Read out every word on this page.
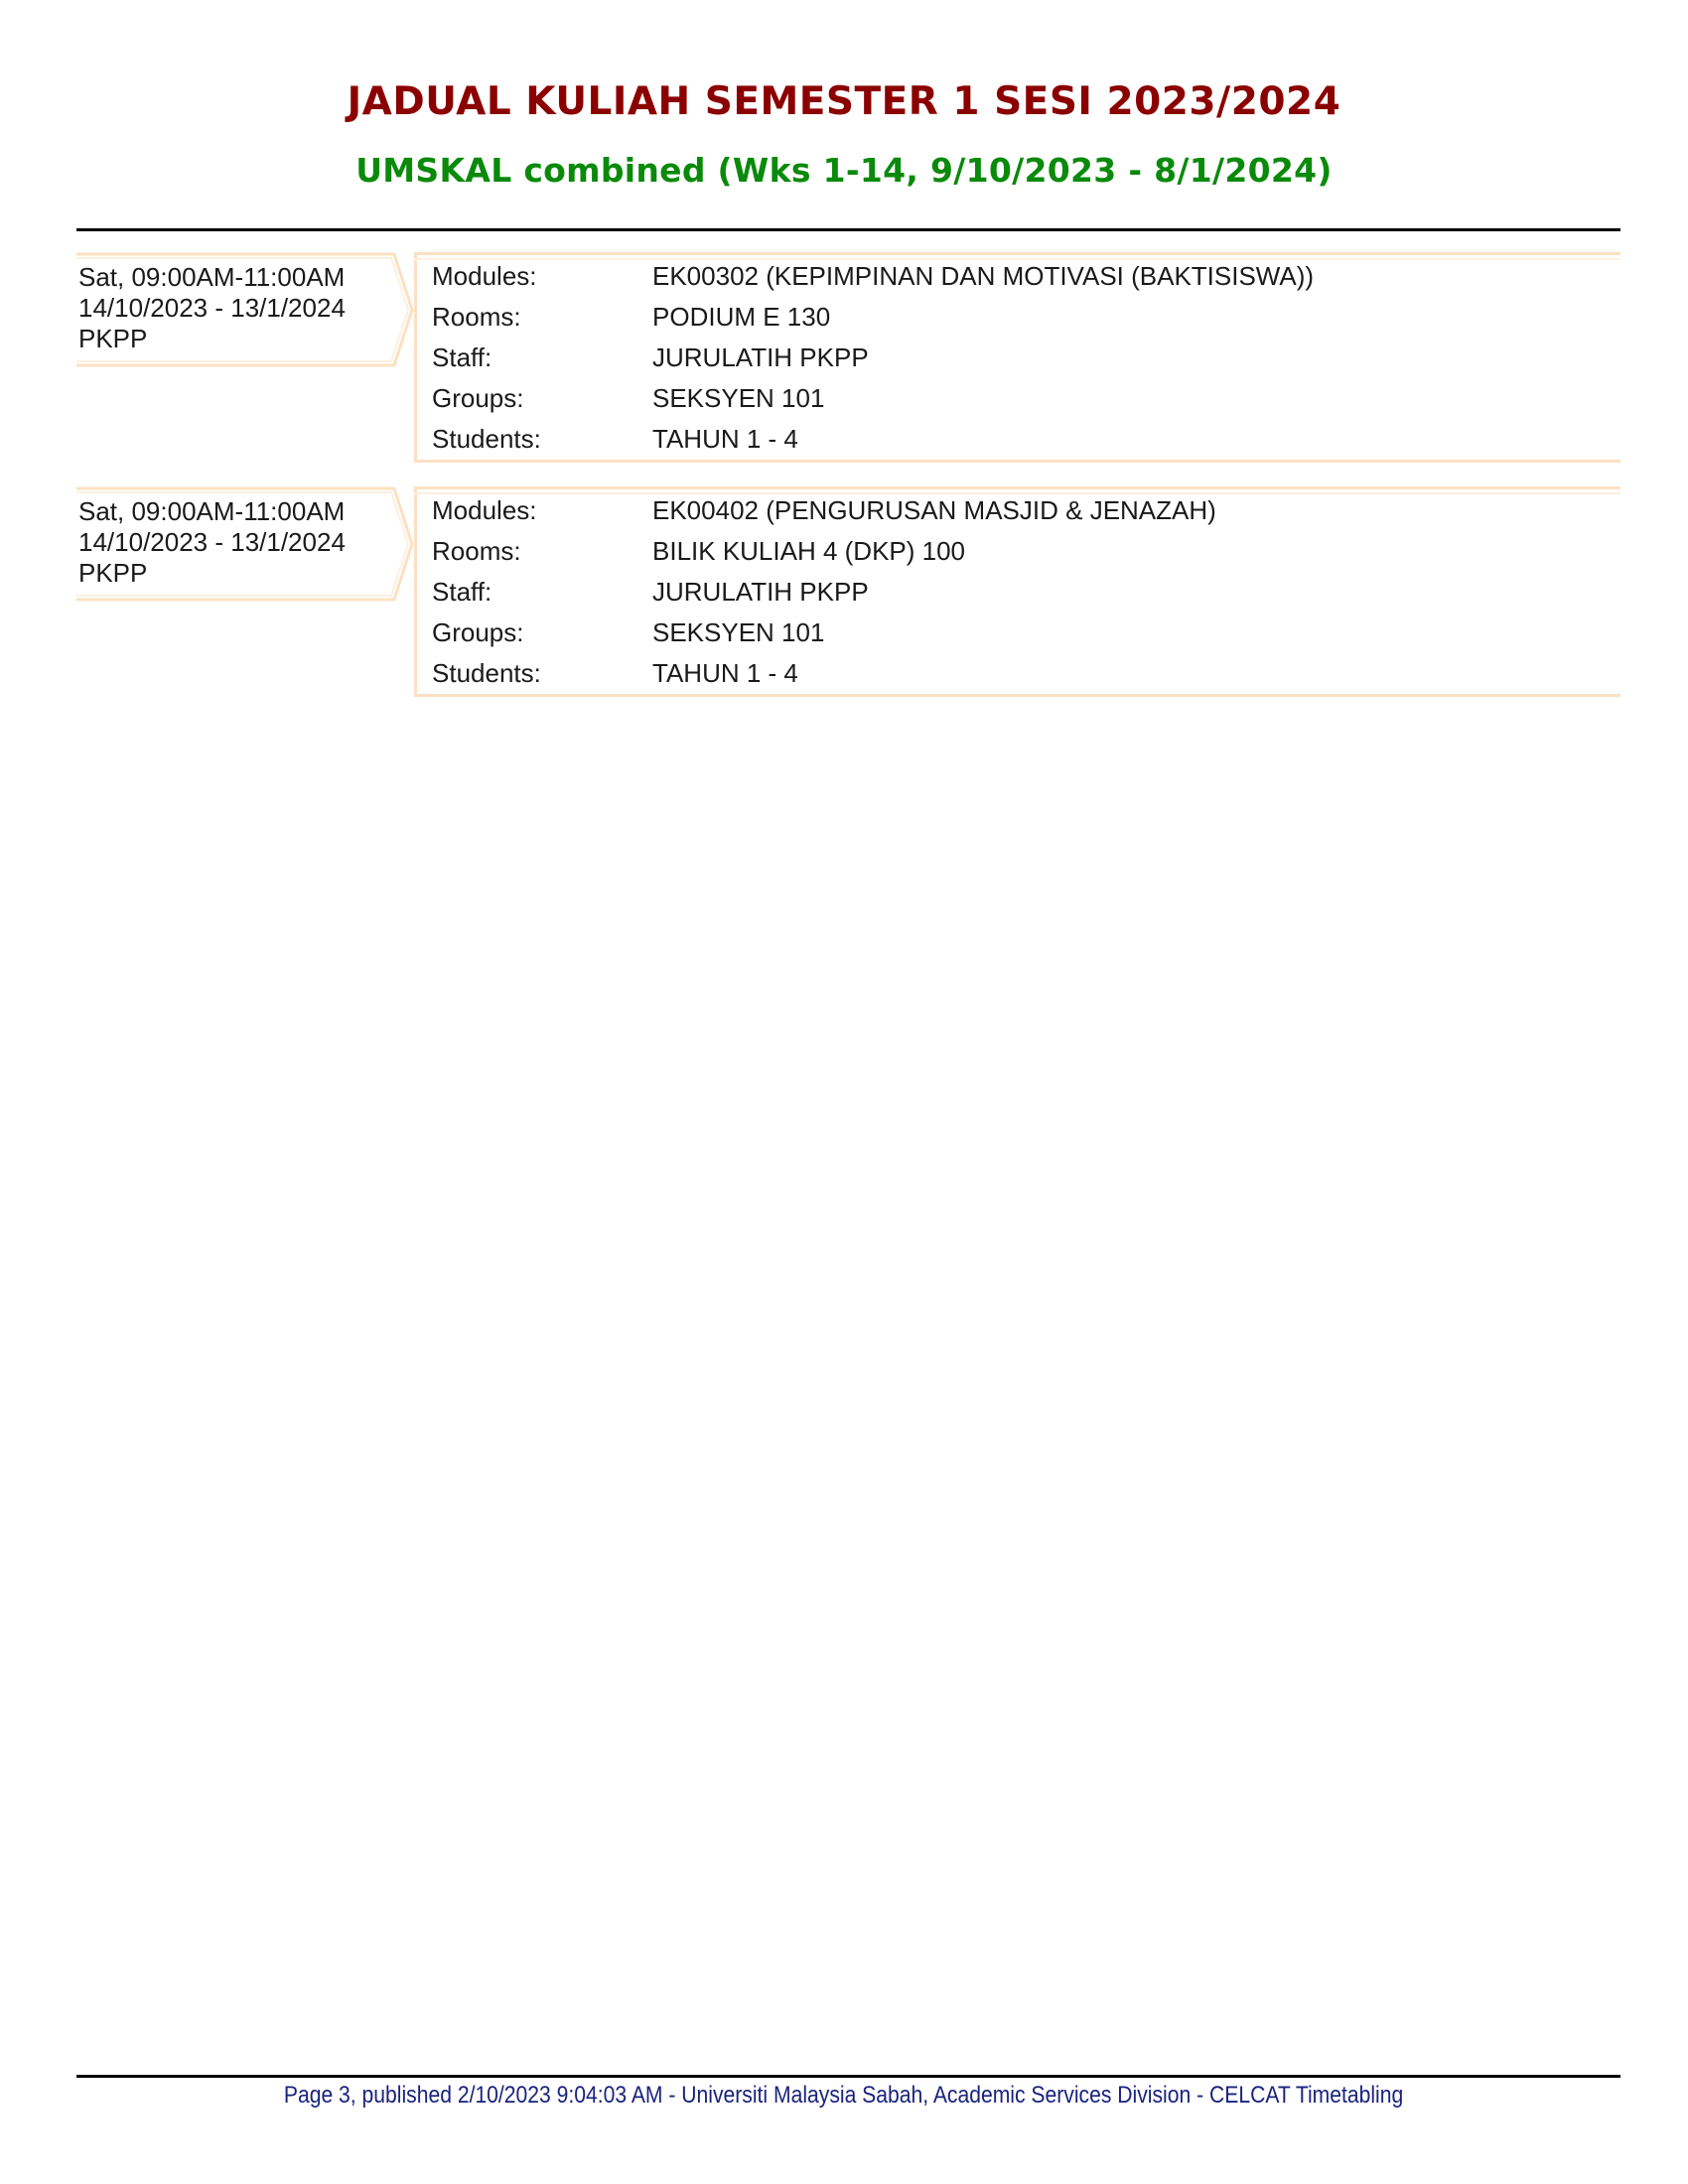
JADUAL KULIAH SEMESTER 1 SESI 2023/2024
UMSKAL combined (Wks 1-14, 9/10/2023 - 8/1/2024)
Sat, 09:00AM-11:00AM
14/10/2023 - 13/1/2024
PKPP
Modules:	EK00302 (KEPIMPINAN DAN MOTIVASI (BAKTISISWA))
Rooms:	PODIUM E 130
Staff:	JURULATIH PKPP
Groups:	SEKSYEN 101
Students:	TAHUN 1 - 4
Sat, 09:00AM-11:00AM
14/10/2023 - 13/1/2024
PKPP
Modules:	EK00402 (PENGURUSAN MASJID & JENAZAH)
Rooms:	BILIK KULIAH 4 (DKP) 100
Staff:	JURULATIH PKPP
Groups:	SEKSYEN 101
Students:	TAHUN 1 - 4
Page 3, published 2/10/2023 9:04:03 AM - Universiti Malaysia Sabah, Academic Services Division - CELCAT Timetabling
